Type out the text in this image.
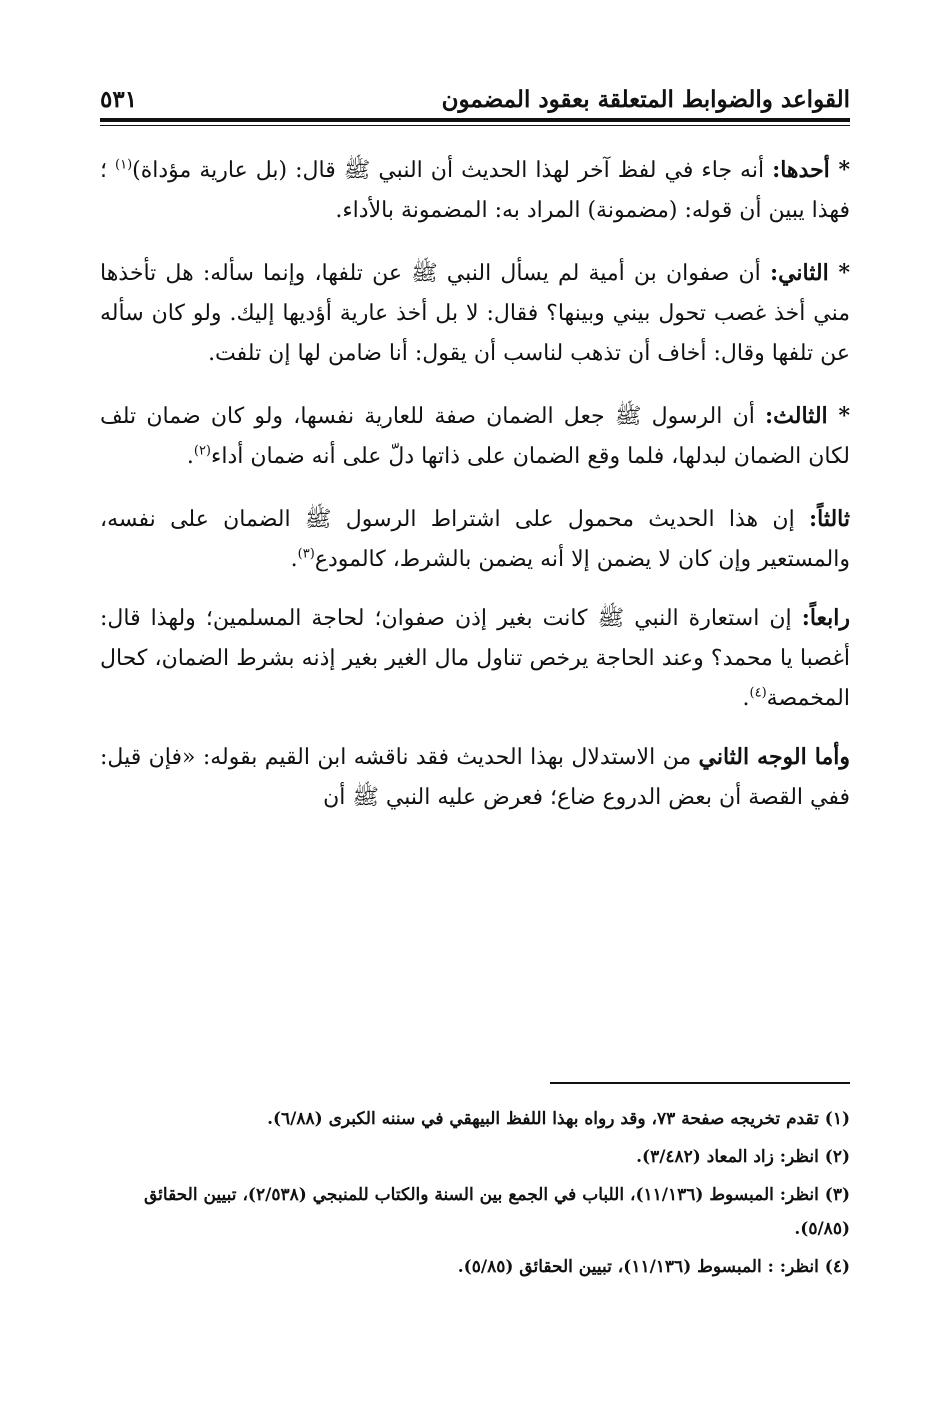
القواعد والضوابط المتعلقة بعقود المضمون
٥٣١

* أحدها: أنه جاء في لفظ آخر لهذا الحديث أن النبي ﷺ قال: (بل عارية مؤداة)$^{(١)}$ ؛ فهذا يبين أن قوله: (مضمونة) المراد به: المضمونة بالأداء.

* الثاني: أن صفوان بن أمية لم يسأل النبي ﷺ عن تلفها، وإنما سأله: هل تأخذها مني أخذ غصب تحول بيني وبينها؟ فقال: لا بل أخذ عارية أؤديها إليك. ولو كان سأله عن تلفها وقال: أخاف أن تذهب لناسب أن يقول: أنا ضامن لها إن تلفت.

* الثالث: أن الرسول ﷺ جعل الضمان صفة للعارية نفسها، ولو كان ضمان تلف لكان الضمان لبدلها، فلما وقع الضمان على ذاتها دلّ على أنه ضمان أداء$^{(٢)}$.

ثالثاً: إن هذا الحديث محمول على اشتراط الرسول ﷺ الضمان على نفسه، والمستعير وإن كان لا يضمن إلا أنه يضمن بالشرط، كالمودع$^{(٣)}$.

رابعاً: إن استعارة النبي ﷺ كانت بغير إذن صفوان؛ لحاجة المسلمين؛ ولهذا قال: أغصبا يا محمد؟ وعند الحاجة يرخص تناول مال الغير بغير إذنه بشرط الضمان، كحال المخمصة$^{(٤)}$.

وأما الوجه الثاني من الاستدلال بهذا الحديث فقد ناقشه ابن القيم بقوله: «فإن قيل: ففي القصة أن بعض الدروع ضاع؛ فعرض عليه النبي ﷺ أن

(١) تقدم تخريجه صفحة ٧٣، وقد رواه بهذا اللفظ البيهقي في سننه الكبرى (٦/٨٨).

(٢) انظر: زاد المعاد (٣/٤٨٢).

(٣) انظر: المبسوط (١١/١٣٦)، اللباب في الجمع بين السنة والكتاب للمنبجي (٢/٥٣٨)، تبيين الحقائق (٥/٨٥).

(٤) انظر: : المبسوط (١١/١٣٦)، تبيين الحقائق (٥/٨٥).
